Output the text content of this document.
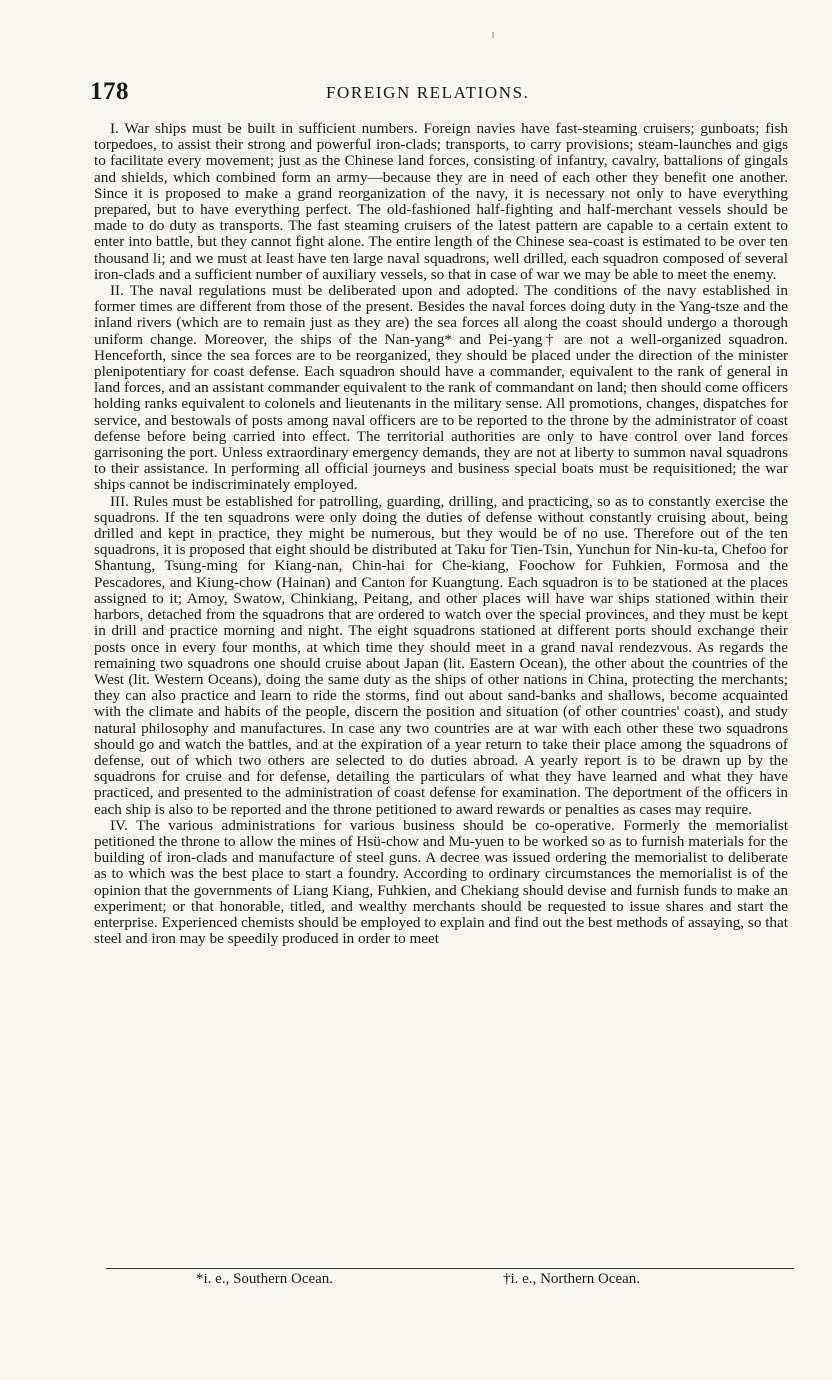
178	FOREIGN RELATIONS.

I. War ships must be built in sufficient numbers. Foreign navies have fast-steaming cruisers; gunboats; fish torpedoes, to assist their strong and powerful iron-clads; transports, to carry provisions; steam-launches and gigs to facilitate every movement; just as the Chinese land forces, consisting of infantry, cavalry, battalions of gingals and shields, which combined form an army—because they are in need of each other they benefit one another. Since it is proposed to make a grand reorganization of the navy, it is necessary not only to have everything prepared, but to have everything perfect. The old-fashioned half-fighting and half-merchant vessels should be made to do duty as transports. The fast steaming cruisers of the latest pattern are capable to a certain extent to enter into battle, but they cannot fight alone. The entire length of the Chinese sea-coast is estimated to be over ten thousand li; and we must at least have ten large naval squadrons, well drilled, each squadron composed of several iron-clads and a sufficient number of auxiliary vessels, so that in case of war we may be able to meet the enemy.

II. The naval regulations must be deliberated upon and adopted. The conditions of the navy established in former times are different from those of the present. Besides the naval forces doing duty in the Yang-tsze and the inland rivers (which are to remain just as they are) the sea forces all along the coast should undergo a thorough uniform change. Moreover, the ships of the Nan-yang* and Pei-yang† are not a well-organized squadron. Henceforth, since the sea forces are to be reorganized, they should be placed under the direction of the minister plenipotentiary for coast defense. Each squadron should have a commander, equivalent to the rank of general in land forces, and an assistant commander equivalent to the rank of commandant on land; then should come officers holding ranks equivalent to colonels and lieutenants in the military sense. All promotions, changes, dispatches for service, and bestowals of posts among naval officers are to be reported to the throne by the administrator of coast defense before being carried into effect. The territorial authorities are only to have control over land forces garrisoning the port. Unless extraordinary emergency demands, they are not at liberty to summon naval squadrons to their assistance. In performing all official journeys and business special boats must be requisitioned; the war ships cannot be indiscriminately employed.

III. Rules must be established for patrolling, guarding, drilling, and practicing, so as to constantly exercise the squadrons. If the ten squadrons were only doing the duties of defense without constantly cruising about, being drilled and kept in practice, they might be numerous, but they would be of no use. Therefore out of the ten squadrons, it is proposed that eight should be distributed at Taku for Tien-Tsin, Yunchun for Nin-ku-ta, Chefoo for Shantung, Tsung-ming for Kiang-nan, Chin-hai for Che-kiang, Foochow for Fuhkien, Formosa and the Pescadores, and Kiung-chow (Hainan) and Canton for Kuangtung. Each squadron is to be stationed at the places assigned to it; Amoy, Swatow, Chinkiang, Peitang, and other places will have war ships stationed within their harbors, detached from the squadrons that are ordered to watch over the special provinces, and they must be kept in drill and practice morning and night. The eight squadrons stationed at different ports should exchange their posts once in every four months, at which time they should meet in a grand naval rendezvous. As regards the remaining two squadrons one should cruise about Japan (lit. Eastern Ocean), the other about the countries of the West (lit. Western Oceans), doing the same duty as the ships of other nations in China, protecting the merchants; they can also practice and learn to ride the storms, find out about sand-banks and shallows, become acquainted with the climate and habits of the people, discern the position and situation (of other countries' coast), and study natural philosophy and manufactures. In case any two countries are at war with each other these two squadrons should go and watch the battles, and at the expiration of a year return to take their place among the squadrons of defense, out of which two others are selected to do duties abroad. A yearly report is to be drawn up by the squadrons for cruise and for defense, detailing the particulars of what they have learned and what they have practiced, and presented to the administration of coast defense for examination. The deportment of the officers in each ship is also to be reported and the throne petitioned to award rewards or penalties as cases may require.

IV. The various administrations for various business should be co-operative. Formerly the memorialist petitioned the throne to allow the mines of Hsü-chow and Mu-yuen to be worked so as to furnish materials for the building of iron-clads and manufacture of steel guns. A decree was issued ordering the memorialist to deliberate as to which was the best place to start a foundry. According to ordinary circumstances the memorialist is of the opinion that the governments of Liang Kiang, Fuhkien, and Chekiang should devise and furnish funds to make an experiment; or that honorable, titled, and wealthy merchants should be requested to issue shares and start the enterprise. Experienced chemists should be employed to explain and find out the best methods of assaying, so that steel and iron may be speedily produced in order to meet

*i. e., Southern Ocean.	†i. e., Northern Ocean.
